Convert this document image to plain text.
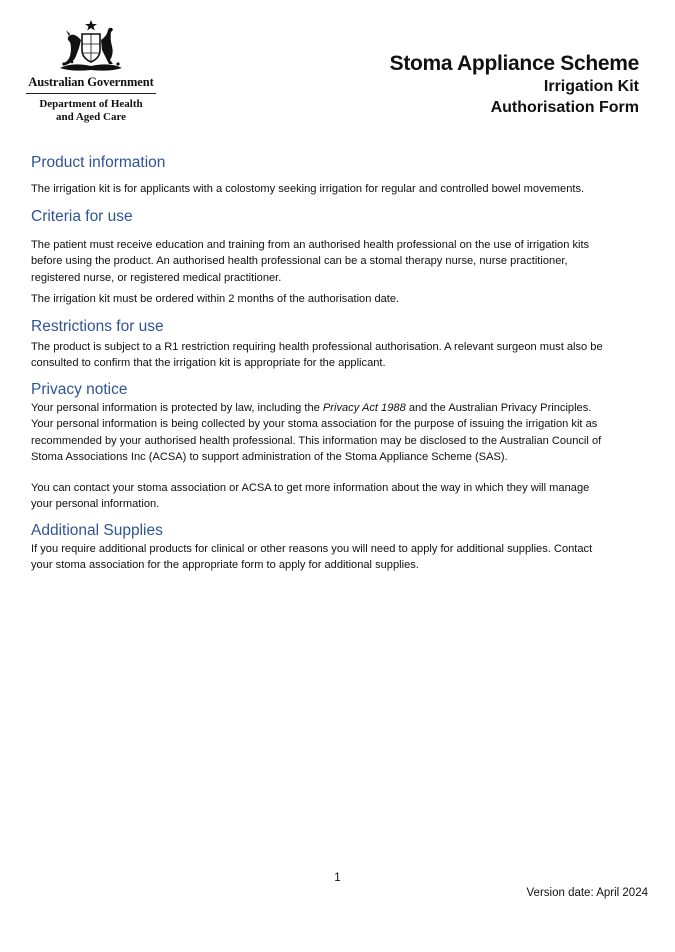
Australian Government
Department of Health
and Aged Care
Stoma Appliance Scheme
Irrigation Kit
Authorisation Form
Product information

The irrigation kit is for applicants with a colostomy seeking irrigation for regular and controlled bowel movements.

Criteria for use

The patient must receive education and training from an authorised health professional on the use of irrigation kits
before using the product. An authorised health professional can be a stomal therapy nurse, nurse practitioner,
registered nurse, or registered medical practitioner.

The irrigation kit must be ordered within 2 months of the authorisation date.

Restrictions for use

The product is subject to a R1 restriction requiring health professional authorisation. A relevant surgeon must also be
consulted to confirm that the irrigation kit is appropriate for the applicant.

Privacy notice

Your personal information is protected by law, including the Privacy Act 1988 and the Australian Privacy Principles.
Your personal information is being collected by your stoma association for the purpose of issuing the irrigation kit as
recommended by your authorised health professional. This information may be disclosed to the Australian Council of
Stoma Associations Inc (ACSA) to support administration of the Stoma Appliance Scheme (SAS).

You can contact your stoma association or ACSA to get more information about the way in which they will manage
your personal information.

Additional Supplies

If you require additional products for clinical or other reasons you will need to apply for additional supplies. Contact
your stoma association for the appropriate form to apply for additional supplies.

1
Version date: April 2024
